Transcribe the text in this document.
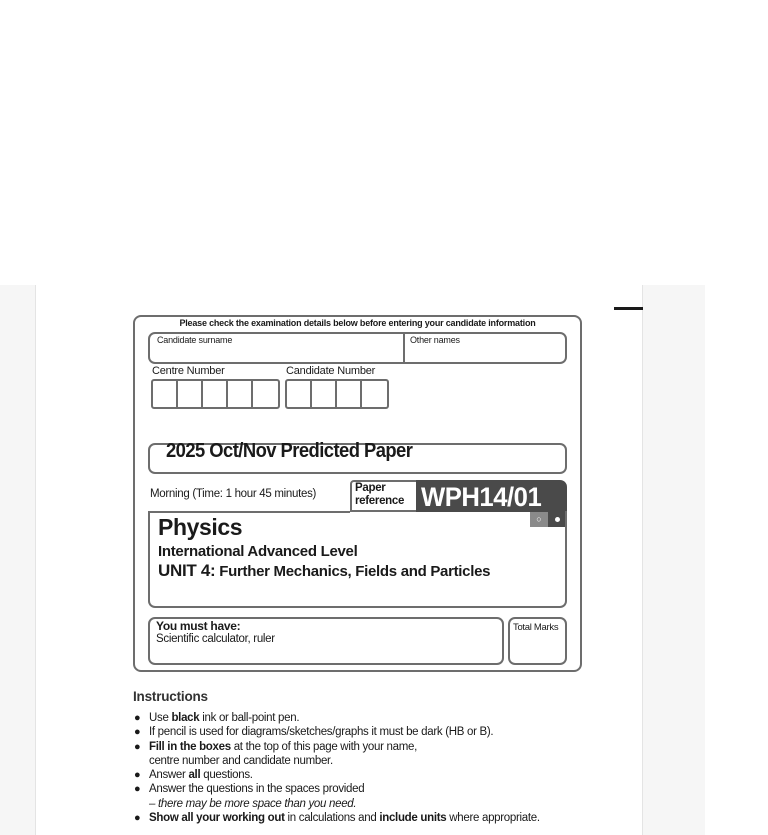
Please check the examination details below before entering your candidate information
Candidate surname	Other names
Centre Number	Candidate Number
2025 Oct/Nov Predicted Paper
Morning (Time: 1 hour 45 minutes)	Paper
reference WPH14/01
○
Physics
International Advanced Level
UNIT 4: Further Mechanics, Fields and Particles
You must have:
Scientific calculator, ruler
Total Marks
Instructions
● Use black ink or ball-point pen.
● If pencil is used for diagrams/sketches/graphs it must be dark (HB or B).
● Fill in the boxes at the top of this page with your name,
centre number and candidate number.
● Answer all questions.
● Answer the questions in the spaces provided
– there may be more space than you need.
● Show all your working out in calculations and include units where appropriate.
